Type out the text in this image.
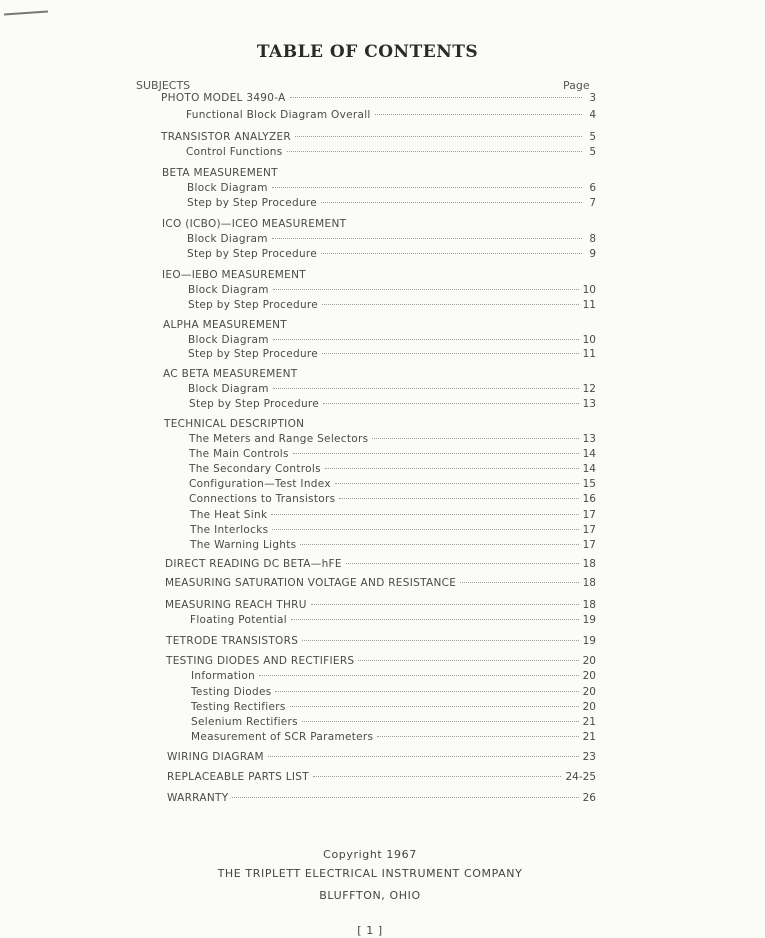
TABLE OF CONTENTS
SUBJECTS	Page
PHOTO MODEL 3490-A	3
Functional Block Diagram Overall	4
TRANSISTOR ANALYZER	5
Control Functions	5
BETA MEASUREMENT
Block Diagram	6
Step by Step Procedure	7
ICO (ICBO)—ICEO MEASUREMENT
Block Diagram	8
Step by Step Procedure	9
IEO—IEBO MEASUREMENT
Block Diagram	10
Step by Step Procedure	11
ALPHA MEASUREMENT
Block Diagram	10
Step by Step Procedure	11
AC BETA MEASUREMENT
Block Diagram	12
Step by Step Procedure	13
TECHNICAL DESCRIPTION
The Meters and Range Selectors	13
The Main Controls	14
The Secondary Controls	14
Configuration—Test Index	15
Connections to Transistors	16
The Heat Sink	17
The Interlocks	17
The Warning Lights	17
DIRECT READING DC BETA—hFE	18
MEASURING SATURATION VOLTAGE AND RESISTANCE	18
MEASURING REACH THRU	18
Floating Potential	19
TETRODE TRANSISTORS	19
TESTING DIODES AND RECTIFIERS	20
Information	20
Testing Diodes	20
Testing Rectifiers	20
Selenium Rectifiers	21
Measurement of SCR Parameters	21
WIRING DIAGRAM	23
REPLACEABLE PARTS LIST	24-25
WARRANTY	26
Copyright 1967
THE TRIPLETT ELECTRICAL INSTRUMENT COMPANY
BLUFFTON, OHIO
[ 1 ]
